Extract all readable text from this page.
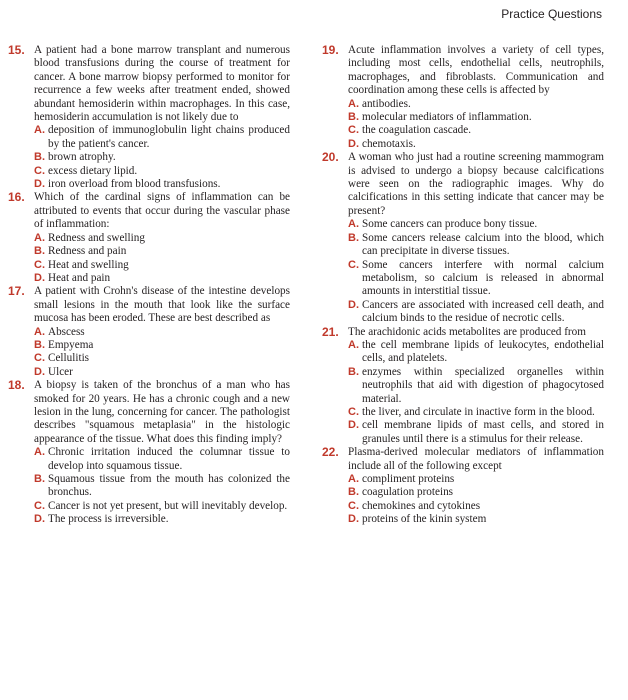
Practice Questions
15. A patient had a bone marrow transplant and numerous blood transfusions during the course of treatment for cancer. A bone marrow biopsy performed to monitor for recurrence a few weeks after treatment ended, showed abundant hemosiderin within macrophages. In this case, hemosiderin accumulation is not likely due to
A. deposition of immunoglobulin light chains produced by the patient's cancer.
B. brown atrophy.
C. excess dietary lipid.
D. iron overload from blood transfusions.
16. Which of the cardinal signs of inflammation can be attributed to events that occur during the vascular phase of inflammation:
A. Redness and swelling
B. Redness and pain
C. Heat and swelling
D. Heat and pain
17. A patient with Crohn's disease of the intestine develops small lesions in the mouth that look like the surface mucosa has been eroded. These are best described as
A. Abscess
B. Empyema
C. Cellulitis
D. Ulcer
18. A biopsy is taken of the bronchus of a man who has smoked for 20 years. He has a chronic cough and a new lesion in the lung, concerning for cancer. The pathologist describes "squamous metaplasia" in the histologic appearance of the tissue. What does this finding imply?
A. Chronic irritation induced the columnar tissue to develop into squamous tissue.
B. Squamous tissue from the mouth has colonized the bronchus.
C. Cancer is not yet present, but will inevitably develop.
D. The process is irreversible.
19. Acute inflammation involves a variety of cell types, including most cells, endothelial cells, neutrophils, macrophages, and fibroblasts. Communication and coordination among these cells is affected by
A. antibodies.
B. molecular mediators of inflammation.
C. the coagulation cascade.
D. chemotaxis.
20. A woman who just had a routine screening mammogram is advised to undergo a biopsy because calcifications were seen on the radiographic images. Why do calcifications in this setting indicate that cancer may be present?
A. Some cancers can produce bony tissue.
B. Some cancers release calcium into the blood, which can precipitate in diverse tissues.
C. Some cancers interfere with normal calcium metabolism, so calcium is released in abnormal amounts in interstitial tissue.
D. Cancers are associated with increased cell death, and calcium binds to the residue of necrotic cells.
21. The arachidonic acids metabolites are produced from
A. the cell membrane lipids of leukocytes, endothelial cells, and platelets.
B. enzymes within specialized organelles within neutrophils that aid with digestion of phagocytosed material.
C. the liver, and circulate in inactive form in the blood.
D. cell membrane lipids of mast cells, and stored in granules until there is a stimulus for their release.
22. Plasma-derived molecular mediators of inflammation include all of the following except
A. compliment proteins
B. coagulation proteins
C. chemokines and cytokines
D. proteins of the kinin system
